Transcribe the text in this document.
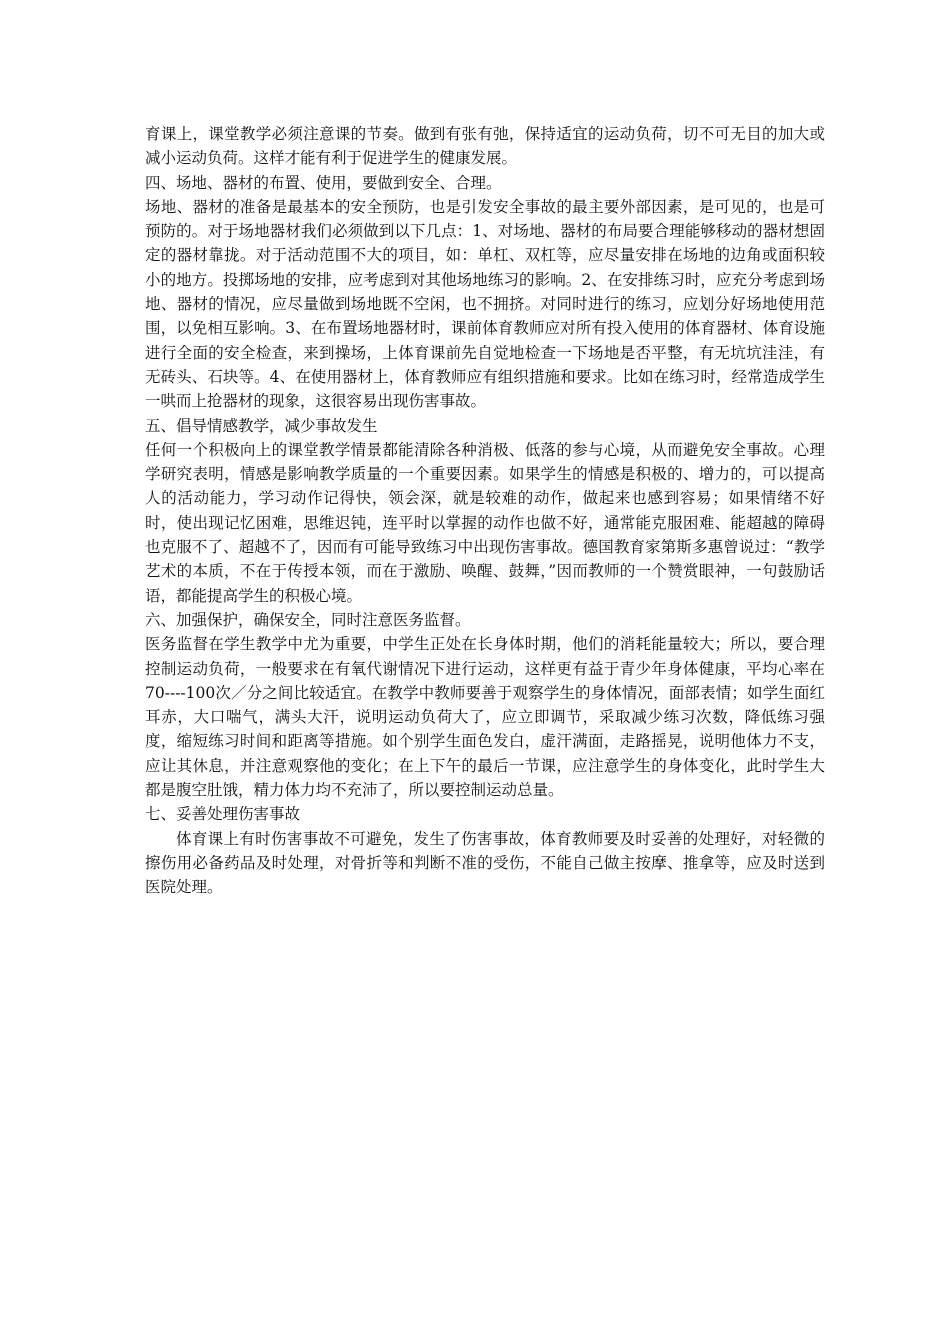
育课上，课堂教学必须注意课的节奏。做到有张有弛，保持适宜的运动负荷，切不可无目的加大或减小运动负荷。这样才能有利于促进学生的健康发展。

四、场地、器材的布置、使用，要做到安全、合理。

场地、器材的准备是最基本的安全预防，也是引发安全事故的最主要外部因素，是可见的，也是可预防的。对于场地器材我们必须做到以下几点：1、对场地、器材的布局要合理能够移动的器材想固定的器材靠拢。对于活动范围不大的项目，如：单杠、双杠等，应尽量安排在场地的边角或面积较小的地方。投掷场地的安排，应考虑到对其他场地练习的影响。2、在安排练习时，应充分考虑到场地、器材的情况，应尽量做到场地既不空闲，也不拥挤。对同时进行的练习，应划分好场地使用范围，以免相互影响。3、在布置场地器材时，课前体育教师应对所有投入使用的体育器材、体育设施进行全面的安全检查，来到操场，上体育课前先自觉地检查一下场地是否平整，有无坑坑洼洼，有无砖头、石块等。4、在使用器材上，体育教师应有组织措施和要求。比如在练习时，经常造成学生一哄而上抢器材的现象，这很容易出现伤害事故。

五、倡导情感教学，减少事故发生

任何一个积极向上的课堂教学情景都能清除各种消极、低落的参与心境，从而避免安全事故。心理学研究表明，情感是影响教学质量的一个重要因素。如果学生的情感是积极的、增力的，可以提高人的活动能力，学习动作记得快，领会深，就是较难的动作，做起来也感到容易；如果情绪不好时，使出现记忆困难，思维迟钝，连平时以掌握的动作也做不好，通常能克服困难、能超越的障碍也克服不了、超越不了，因而有可能导致练习中出现伤害事故。德国教育家第斯多惠曾说过：“教学艺术的本质，不在于传授本领，而在于激励、唤醒、鼓舞，”因而教师的一个赞赏眼神，一句鼓励话语，都能提高学生的积极心境。

六、加强保护，确保安全，同时注意医务监督。

医务监督在学生教学中尤为重要，中学生正处在长身体时期，他们的消耗能量较大；所以，要合理控制运动负荷，一般要求在有氧代谢情况下进行运动，这样更有益于青少年身体健康，平均心率在70----100次／分之间比较适宜。在教学中教师要善于观察学生的身体情况，面部表情；如学生面红耳赤，大口喘气，满头大汗，说明运动负荷大了，应立即调节，采取减少练习次数，降低练习强度，缩短练习时间和距离等措施。如个别学生面色发白，虚汗满面，走路摇晃，说明他体力不支，应让其休息，并注意观察他的变化；在上下午的最后一节课，应注意学生的身体变化，此时学生大都是腹空肚饿，精力体力均不充沛了，所以要控制运动总量。

七、妥善处理伤害事故

体育课上有时伤害事故不可避免，发生了伤害事故，体育教师要及时妥善的处理好，对轻微的擦伤用必备药品及时处理，对骨折等和判断不准的受伤，不能自己做主按摩、推拿等，应及时送到医院处理。
